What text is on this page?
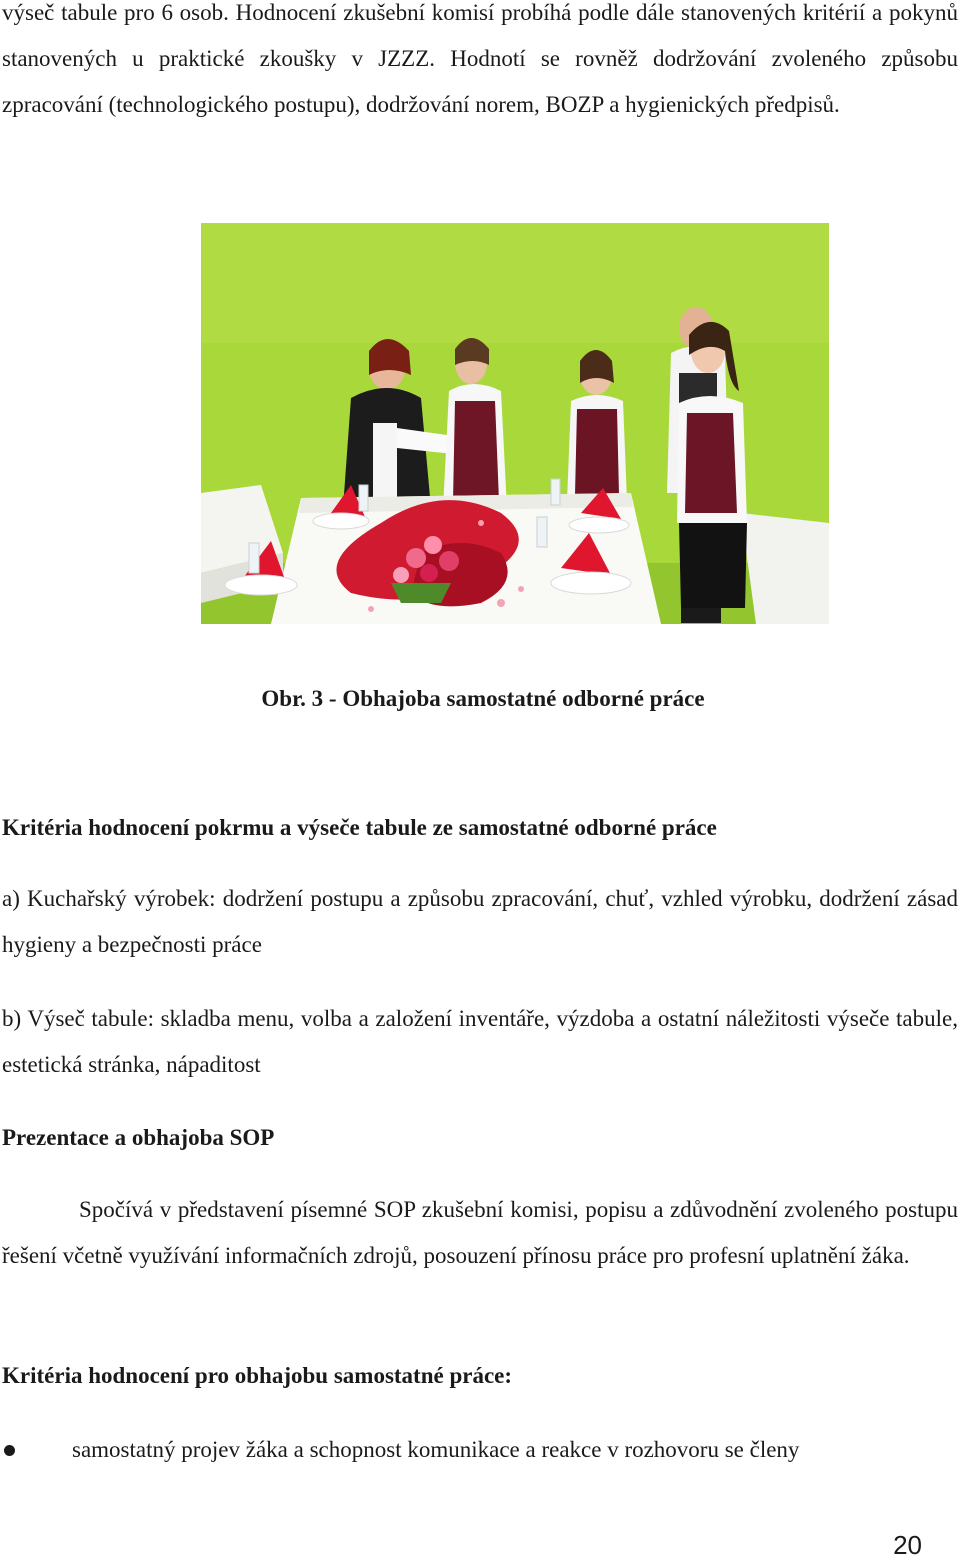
výseč tabule pro 6 osob. Hodnocení zkušební komisí probíhá podle dále stanovených kritérií a pokynů stanovených u praktické zkoušky v JZZZ. Hodnotí se rovněž dodržování zvoleného způsobu zpracování (technologického postupu), dodržování norem, BOZP a hygienických předpisů.

Obr. 3 - Obhajoba samostatné odborné práce

Kritéria hodnocení pokrmu a výseče tabule ze samostatné odborné práce

a) Kuchařský výrobek: dodržení postupu a způsobu zpracování, chuť, vzhled výrobku, dodržení zásad hygieny a bezpečnosti práce

b) Výseč tabule: skladba menu, volba a založení inventáře, výzdoba a ostatní náležitosti výseče tabule, estetická stránka, nápaditost

Prezentace a obhajoba SOP

Spočívá v představení písemné SOP zkušební komisi, popisu a zdůvodnění zvoleného postupu řešení včetně využívání informačních zdrojů, posouzení přínosu práce pro profesní uplatnění žáka.

Kritéria hodnocení pro obhajobu samostatné práce:

samostatný projev žáka a schopnost komunikace a reakce v rozhovoru se členy
20
